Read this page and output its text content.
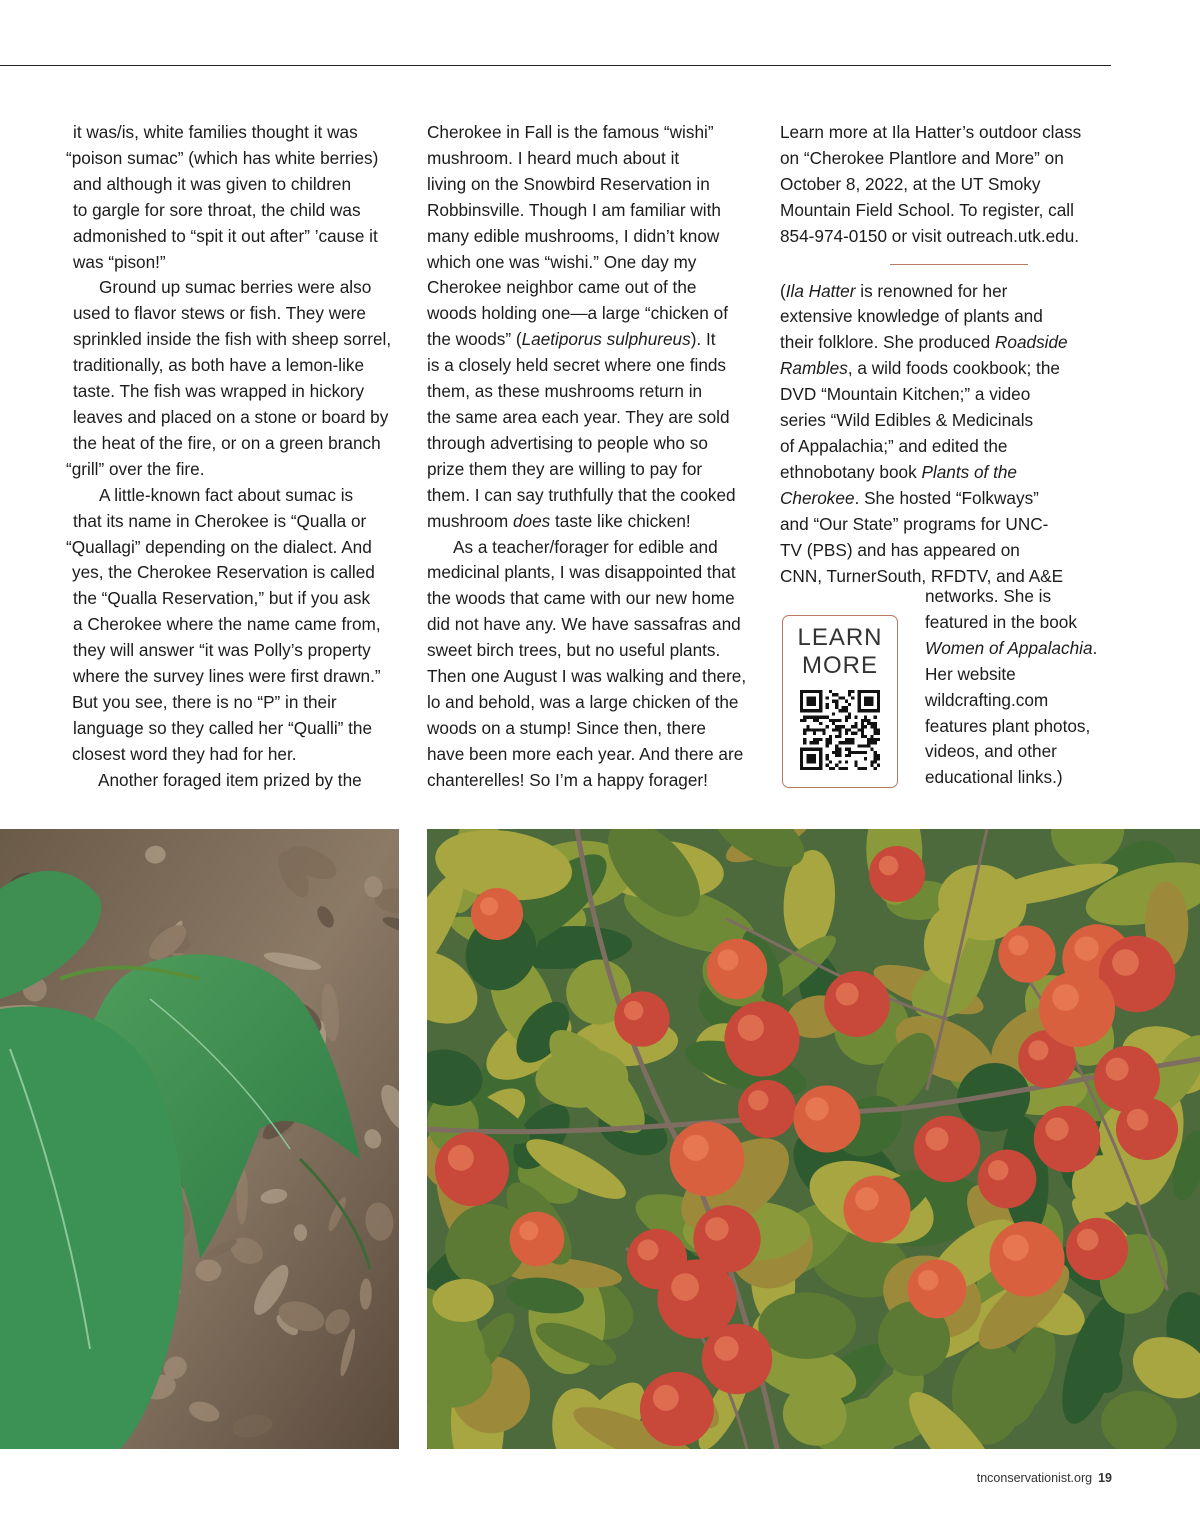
it was/is, white families thought it was
“poison sumac” (which has white berries)
and although it was given to children
to gargle for sore throat, the child was
admonished to “spit it out after” ’cause it
was “pison!”
Ground up sumac berries were also
used to flavor stews or fish. They were
sprinkled inside the fish with sheep sorrel,
traditionally, as both have a lemon-like
taste. The fish was wrapped in hickory
leaves and placed on a stone or board by
the heat of the fire, or on a green branch
“grill” over the fire.
A little-known fact about sumac is
that its name in Cherokee is “Qualla or
“Quallagi” depending on the dialect. And
yes, the Cherokee Reservation is called
the “Qualla Reservation,” but if you ask
a Cherokee where the name came from,
they will answer “it was Polly’s property
where the survey lines were first drawn.”
But you see, there is no “P” in their
language so they called her “Qualli” the
closest word they had for her.
Another foraged item prized by the
Cherokee in Fall is the famous “wishi”
mushroom. I heard much about it
living on the Snowbird Reservation in
Robbinsville. Though I am familiar with
many edible mushrooms, I didn’t know
which one was “wishi.” One day my
Cherokee neighbor came out of the
woods holding one—a large “chicken of
the woods” (Laetiporus sulphureus). It
is a closely held secret where one finds
them, as these mushrooms return in
the same area each year. They are sold
through advertising to people who so
prize them they are willing to pay for
them. I can say truthfully that the cooked
mushroom does taste like chicken!
As a teacher/forager for edible and
medicinal plants, I was disappointed that
the woods that came with our new home
did not have any. We have sassafras and
sweet birch trees, but no useful plants.
Then one August I was walking and there,
lo and behold, was a large chicken of the
woods on a stump! Since then, there
have been more each year. And there are
chanterelles! So I’m a happy forager!
Learn more at Ila Hatter’s outdoor class
on “Cherokee Plantlore and More” on
October 8, 2022, at the UT Smoky
Mountain Field School. To register, call
854-974-0150 or visit outreach.utk.edu.
(Ila Hatter is renowned for her
extensive knowledge of plants and
their folklore. She produced Roadside
Rambles, a wild foods cookbook; the
DVD “Mountain Kitchen;” a video
series “Wild Edibles & Medicinals
of Appalachia;” and edited the
ethnobotany book Plants of the
Cherokee. She hosted “Folkways”
and “Our State” programs for UNC-
TV (PBS) and has appeared on
CNN, TurnerSouth, RFDTV, and A&E
networks. She is
featured in the book
Women of Appalachia.
Her website
wildcrafting.com
features plant photos,
videos, and other
educational links.)
LEARN
MORE
tnconservationist.org 19
